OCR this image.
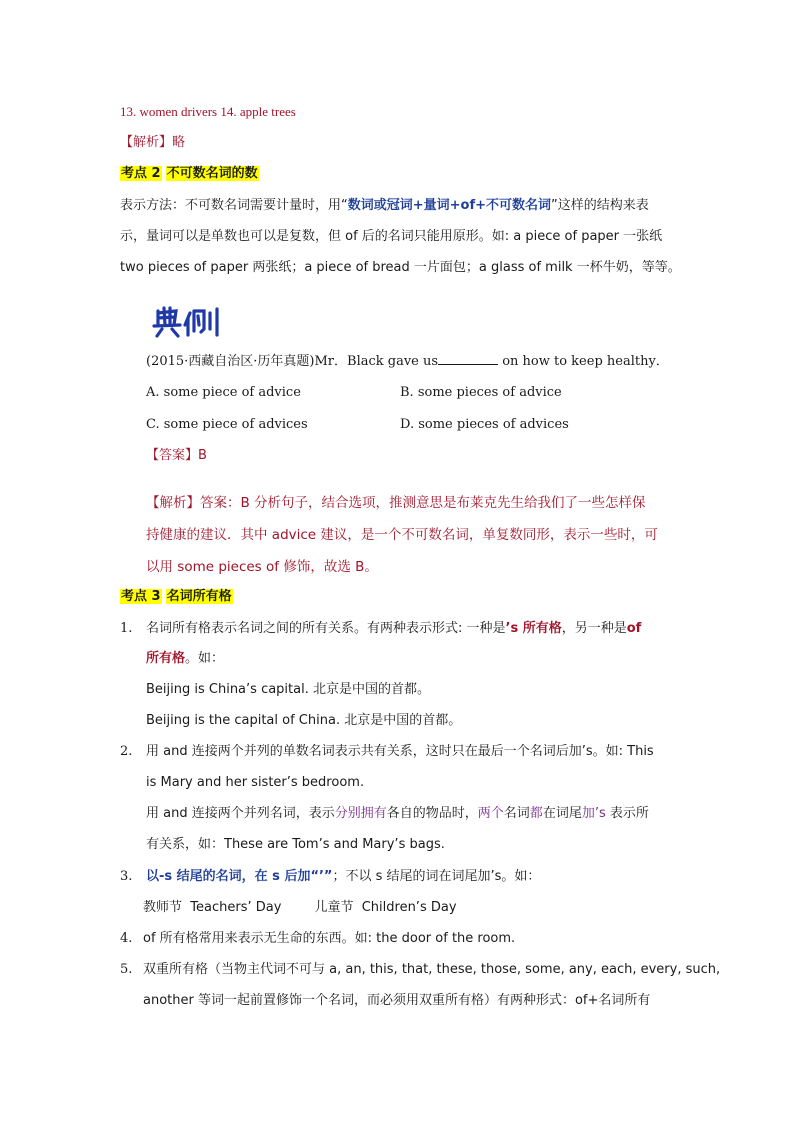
13. women drivers 14. apple trees
【解析】略
考点 2 不可数名词的数
表示方法：不可数名词需要计量时，用“数词或冠词+量词+of+不可数名词”这样的结构来表
示，量词可以是单数也可以是复数，但 of 后的名词只能用原形。如: a piece of paper 一张纸
two pieces of paper 两张纸；a piece of bread 一片面包；a glass of milk 一杯牛奶，等等。
(2015·西藏自治区·历年真题)Mr．Black gave us	on how to keep healthy．
A. some piece of advice	B. some pieces of advice
C. some piece of advices	D. some pieces of advices
【答案】B
【解析】答案：B 分析句子，结合选项，推测意思是布莱克先生给我们了一些怎样保
持健康的建议．其中 advice 建议，是一个不可数名词，单复数同形，表示一些时，可
以用 some pieces of 修饰，故选 B。
考点 3 名词所有格
1. 名词所有格表示名词之间的所有关系。有两种表示形式: 一种是’s 所有格，另一种是of
所有格。如：
Beijing is China’s capital. 北京是中国的首都。
Beijing is the capital of China. 北京是中国的首都。
2. 用 and 连接两个并列的单数名词表示共有关系，这时只在最后一个名词后加’s。如: This
is Mary and her sister’s bedroom.
用 and 连接两个并列名词，表示分别拥有各自的物品时，两个名词都在词尾加’s 表示所
有关系，如：These are Tom’s and Mary’s bags.
3. 以-s 结尾的名词，在 s 后加“’”；不以 s 结尾的词在词尾加’s。如：
教师节  Teachers’ Day        儿童节  Children’s Day
4. of 所有格常用来表示无生命的东西。如: the door of the room.
5. 双重所有格（当物主代词不可与 a, an, this, that, these, those, some, any, each, every, such,
another 等词一起前置修饰一个名词，而必须用双重所有格）有两种形式：of+名词所有
